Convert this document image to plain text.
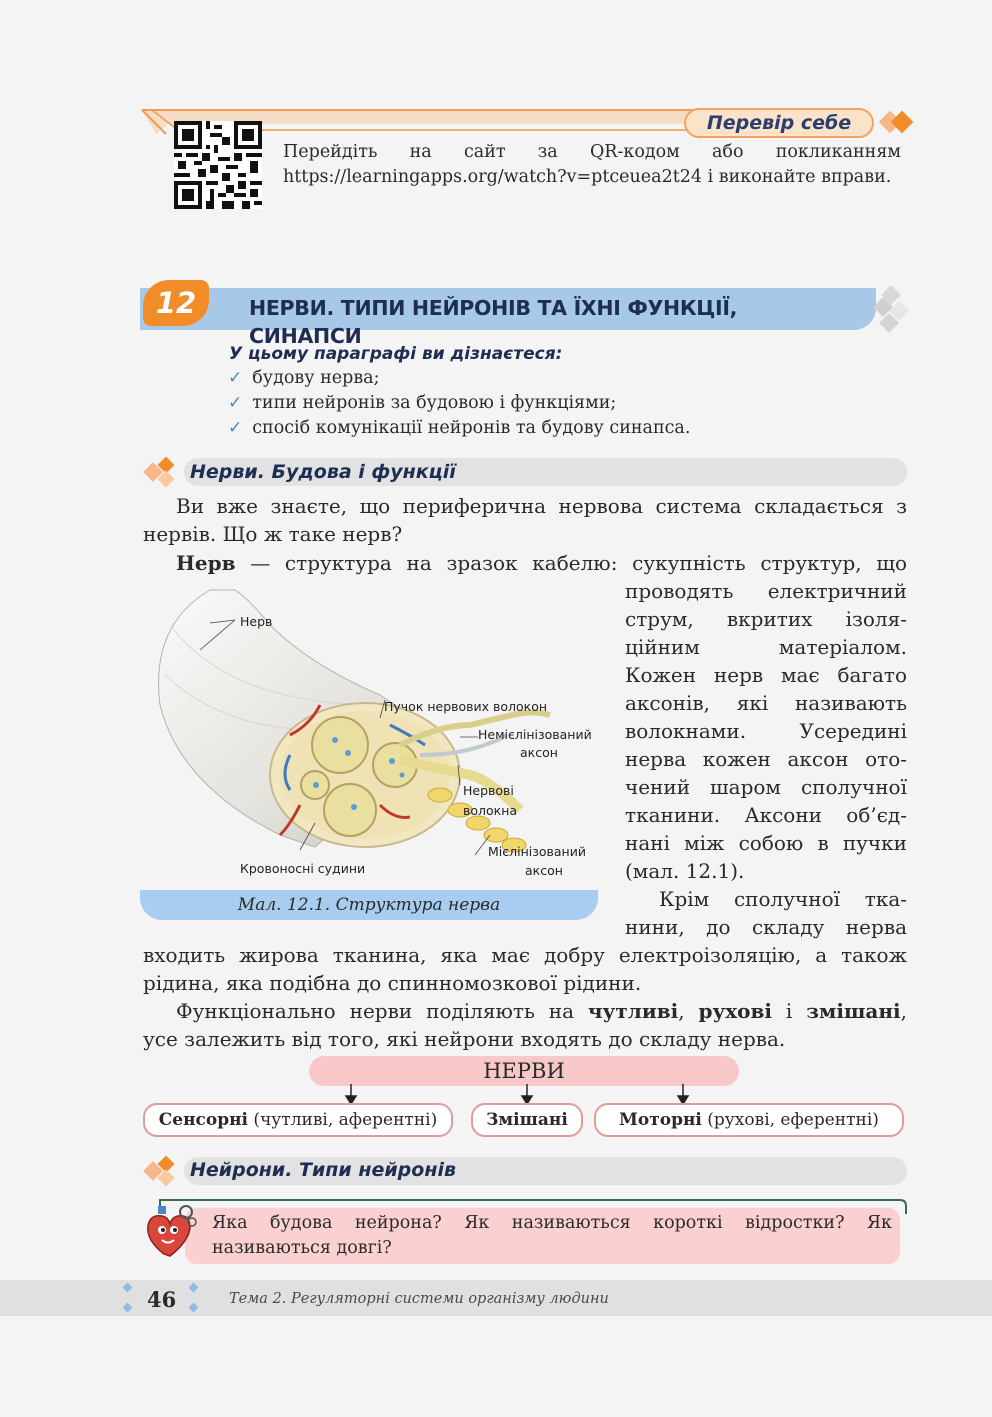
Перевір себе
Перейдіть на сайт за QR-кодом або покликанням https://learningapps.org/watch?v=ptceuea2t24 і виконайте вправи.
12	НЕРВИ. ТИПИ НЕЙРОНІВ ТА ЇХНІ ФУНКЦІЇ, СИНАПСИ
У цьому параграфі ви дізнаєтеся:
✓ будову нерва;
✓ типи нейронів за будовою і функціями;
✓ спосіб комунікації нейронів та будову синапса.
Нерви. Будова і функції
Ви вже знаєте, що периферична нервова система складається з
нервів. Що ж таке нерв?
Нерв — структура на зразок кабелю: сукупність структур, що
проводять електричний
струм, вкритих ізоля-
ційним матеріалом.
Кожен нерв має багато
аксонів, які називають
волокнами. Усередині
нерва кожен аксон ото-
чений шаром сполучної
тканини. Аксони об’єд-
нані між собою в пучки
(мал. 12.1).
Крім сполучної тка-
нини, до складу нерва
Нерв
Пучок нервових волокон
Немієлінізований
аксон
Нервові
волокна
Мієлінізований
аксон
Кровоносні судини
Мал. 12.1. Структура нерва
входить жирова тканина, яка має добру електроізоляцію, а також
рідина, яка подібна до спинномозкової рідини.
Функціонально нерви поділяють на чутливі, рухові і змішані,
усе залежить від того, які нейрони входять до складу нерва.
НЕРВИ
Сенсорні (чутливі, аферентні)	Змішані	Моторні (рухові, еферентні)
Нейрони. Типи нейронів
Яка будова нейрона? Як називаються короткі відростки? Як називаються довгі?
46	Тема 2. Регуляторні системи організму людини
